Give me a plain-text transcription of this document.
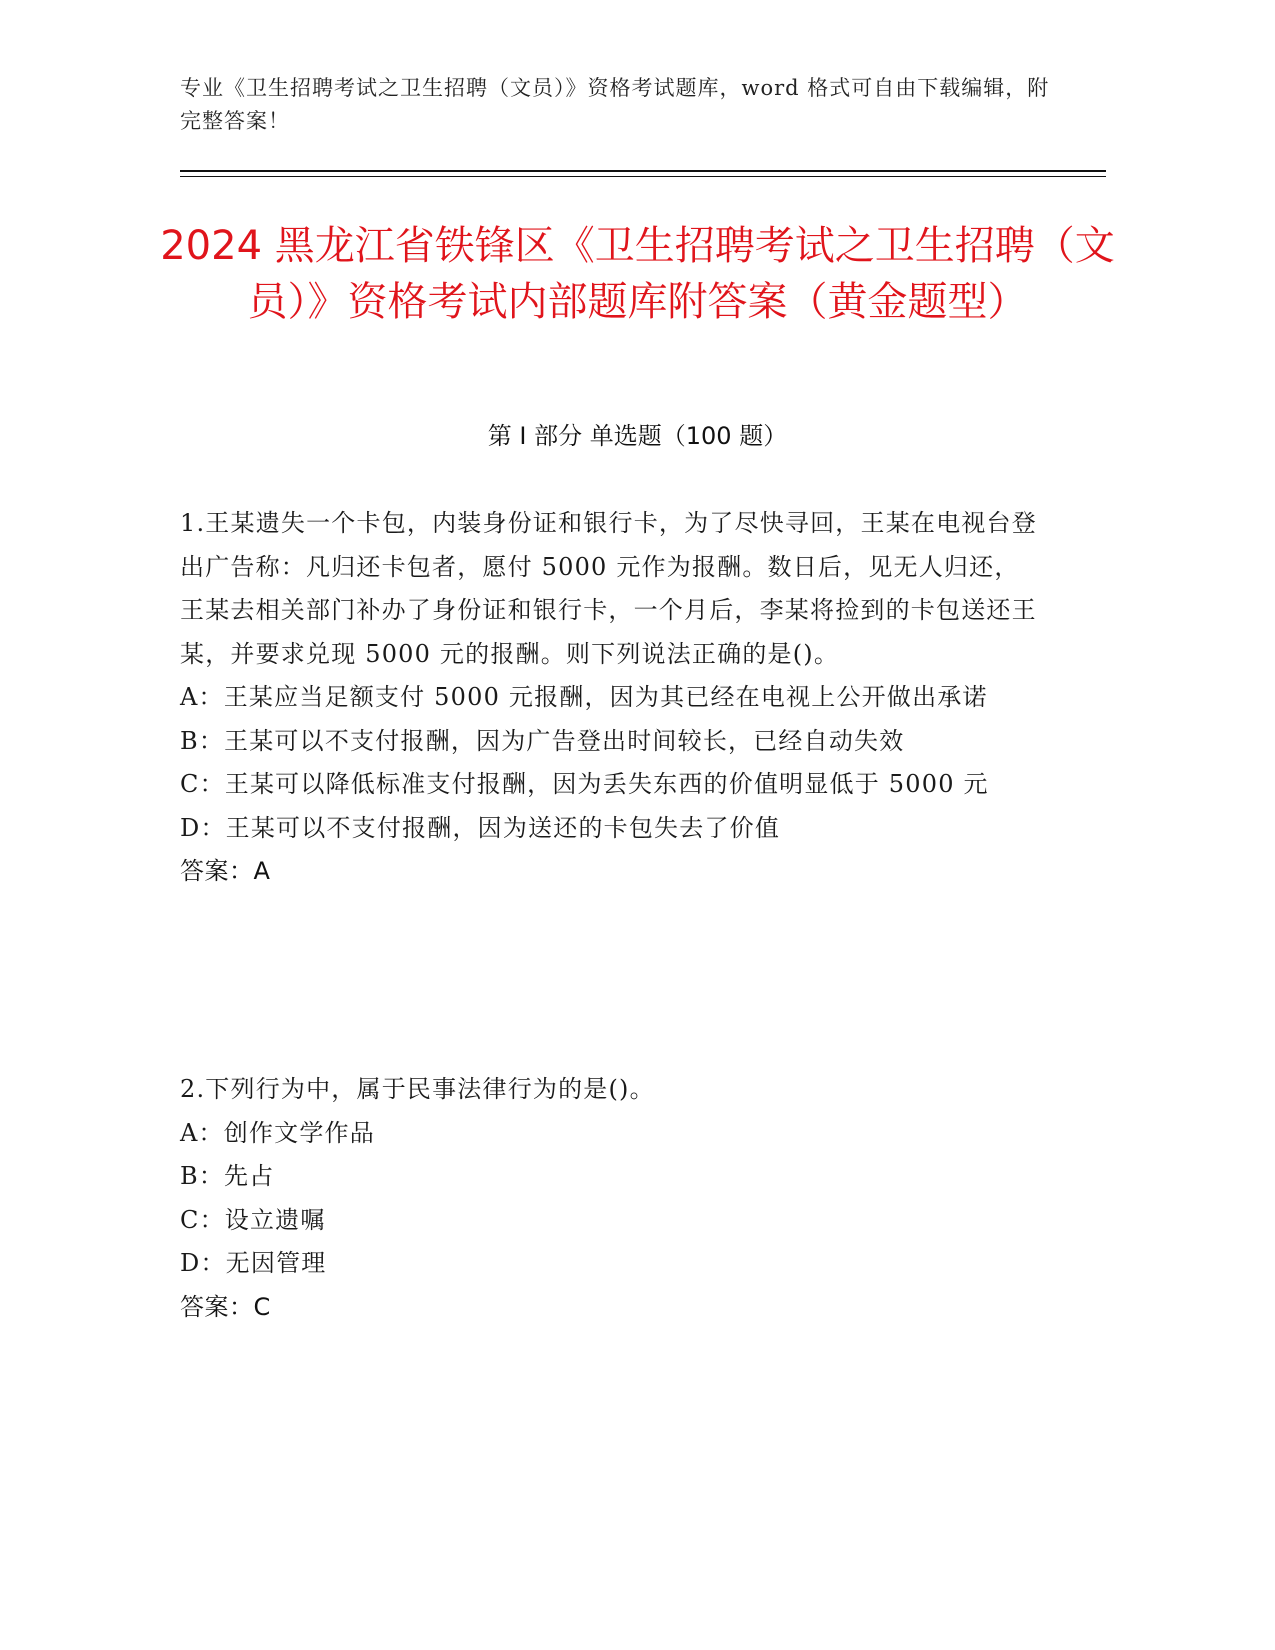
专业《卫生招聘考试之卫生招聘（文员）》资格考试题库，word 格式可自由下载编辑，附完整答案！
2024 黑龙江省铁锋区《卫生招聘考试之卫生招聘（文员）》资格考试内部题库附答案（黄金题型）
第 I 部分 单选题（100 题）

1.王某遗失一个卡包，内装身份证和银行卡，为了尽快寻回，王某在电视台登出广告称：凡归还卡包者，愿付 5000 元作为报酬。数日后，见无人归还，王某去相关部门补办了身份证和银行卡，一个月后，李某将捡到的卡包送还王某，并要求兑现 5000 元的报酬。则下列说法正确的是()。

A：王某应当足额支付 5000 元报酬，因为其已经在电视上公开做出承诺

B：王某可以不支付报酬，因为广告登出时间较长，已经自动失效

C：王某可以降低标准支付报酬，因为丢失东西的价值明显低于 5000 元

D：王某可以不支付报酬，因为送还的卡包失去了价值

答案：A

2.下列行为中，属于民事法律行为的是()。

A：创作文学作品

B：先占

C：设立遗嘱

D：无因管理

答案：C
